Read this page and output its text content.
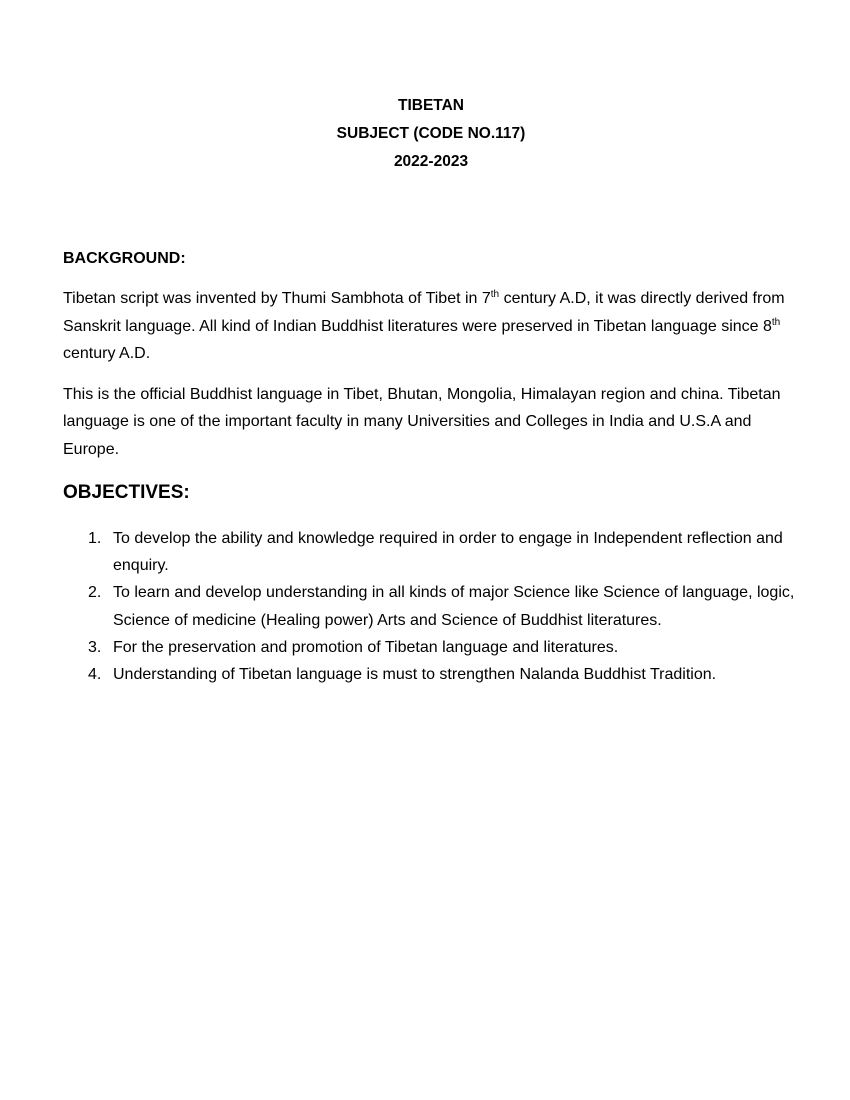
TIBETAN
SUBJECT (CODE NO.117)
2022-2023

BACKGROUND:

Tibetan script was invented by Thumi Sambhota of Tibet in 7th century A.D, it was directly derived from Sanskrit language. All kind of Indian Buddhist literatures were preserved in Tibetan language since 8th century A.D.

This is the official Buddhist language in Tibet, Bhutan, Mongolia, Himalayan region and china. Tibetan language is one of the important faculty in many Universities and Colleges in India and U.S.A and Europe.

OBJECTIVES:

1. To develop the ability and knowledge required in order to engage in Independent reflection and enquiry.
2. To learn and develop understanding in all kinds of major Science like Science of language, logic, Science of medicine (Healing power) Arts and Science of Buddhist literatures.
3. For the preservation and promotion of Tibetan language and literatures.
4. Understanding of Tibetan language is must to strengthen Nalanda Buddhist Tradition.
